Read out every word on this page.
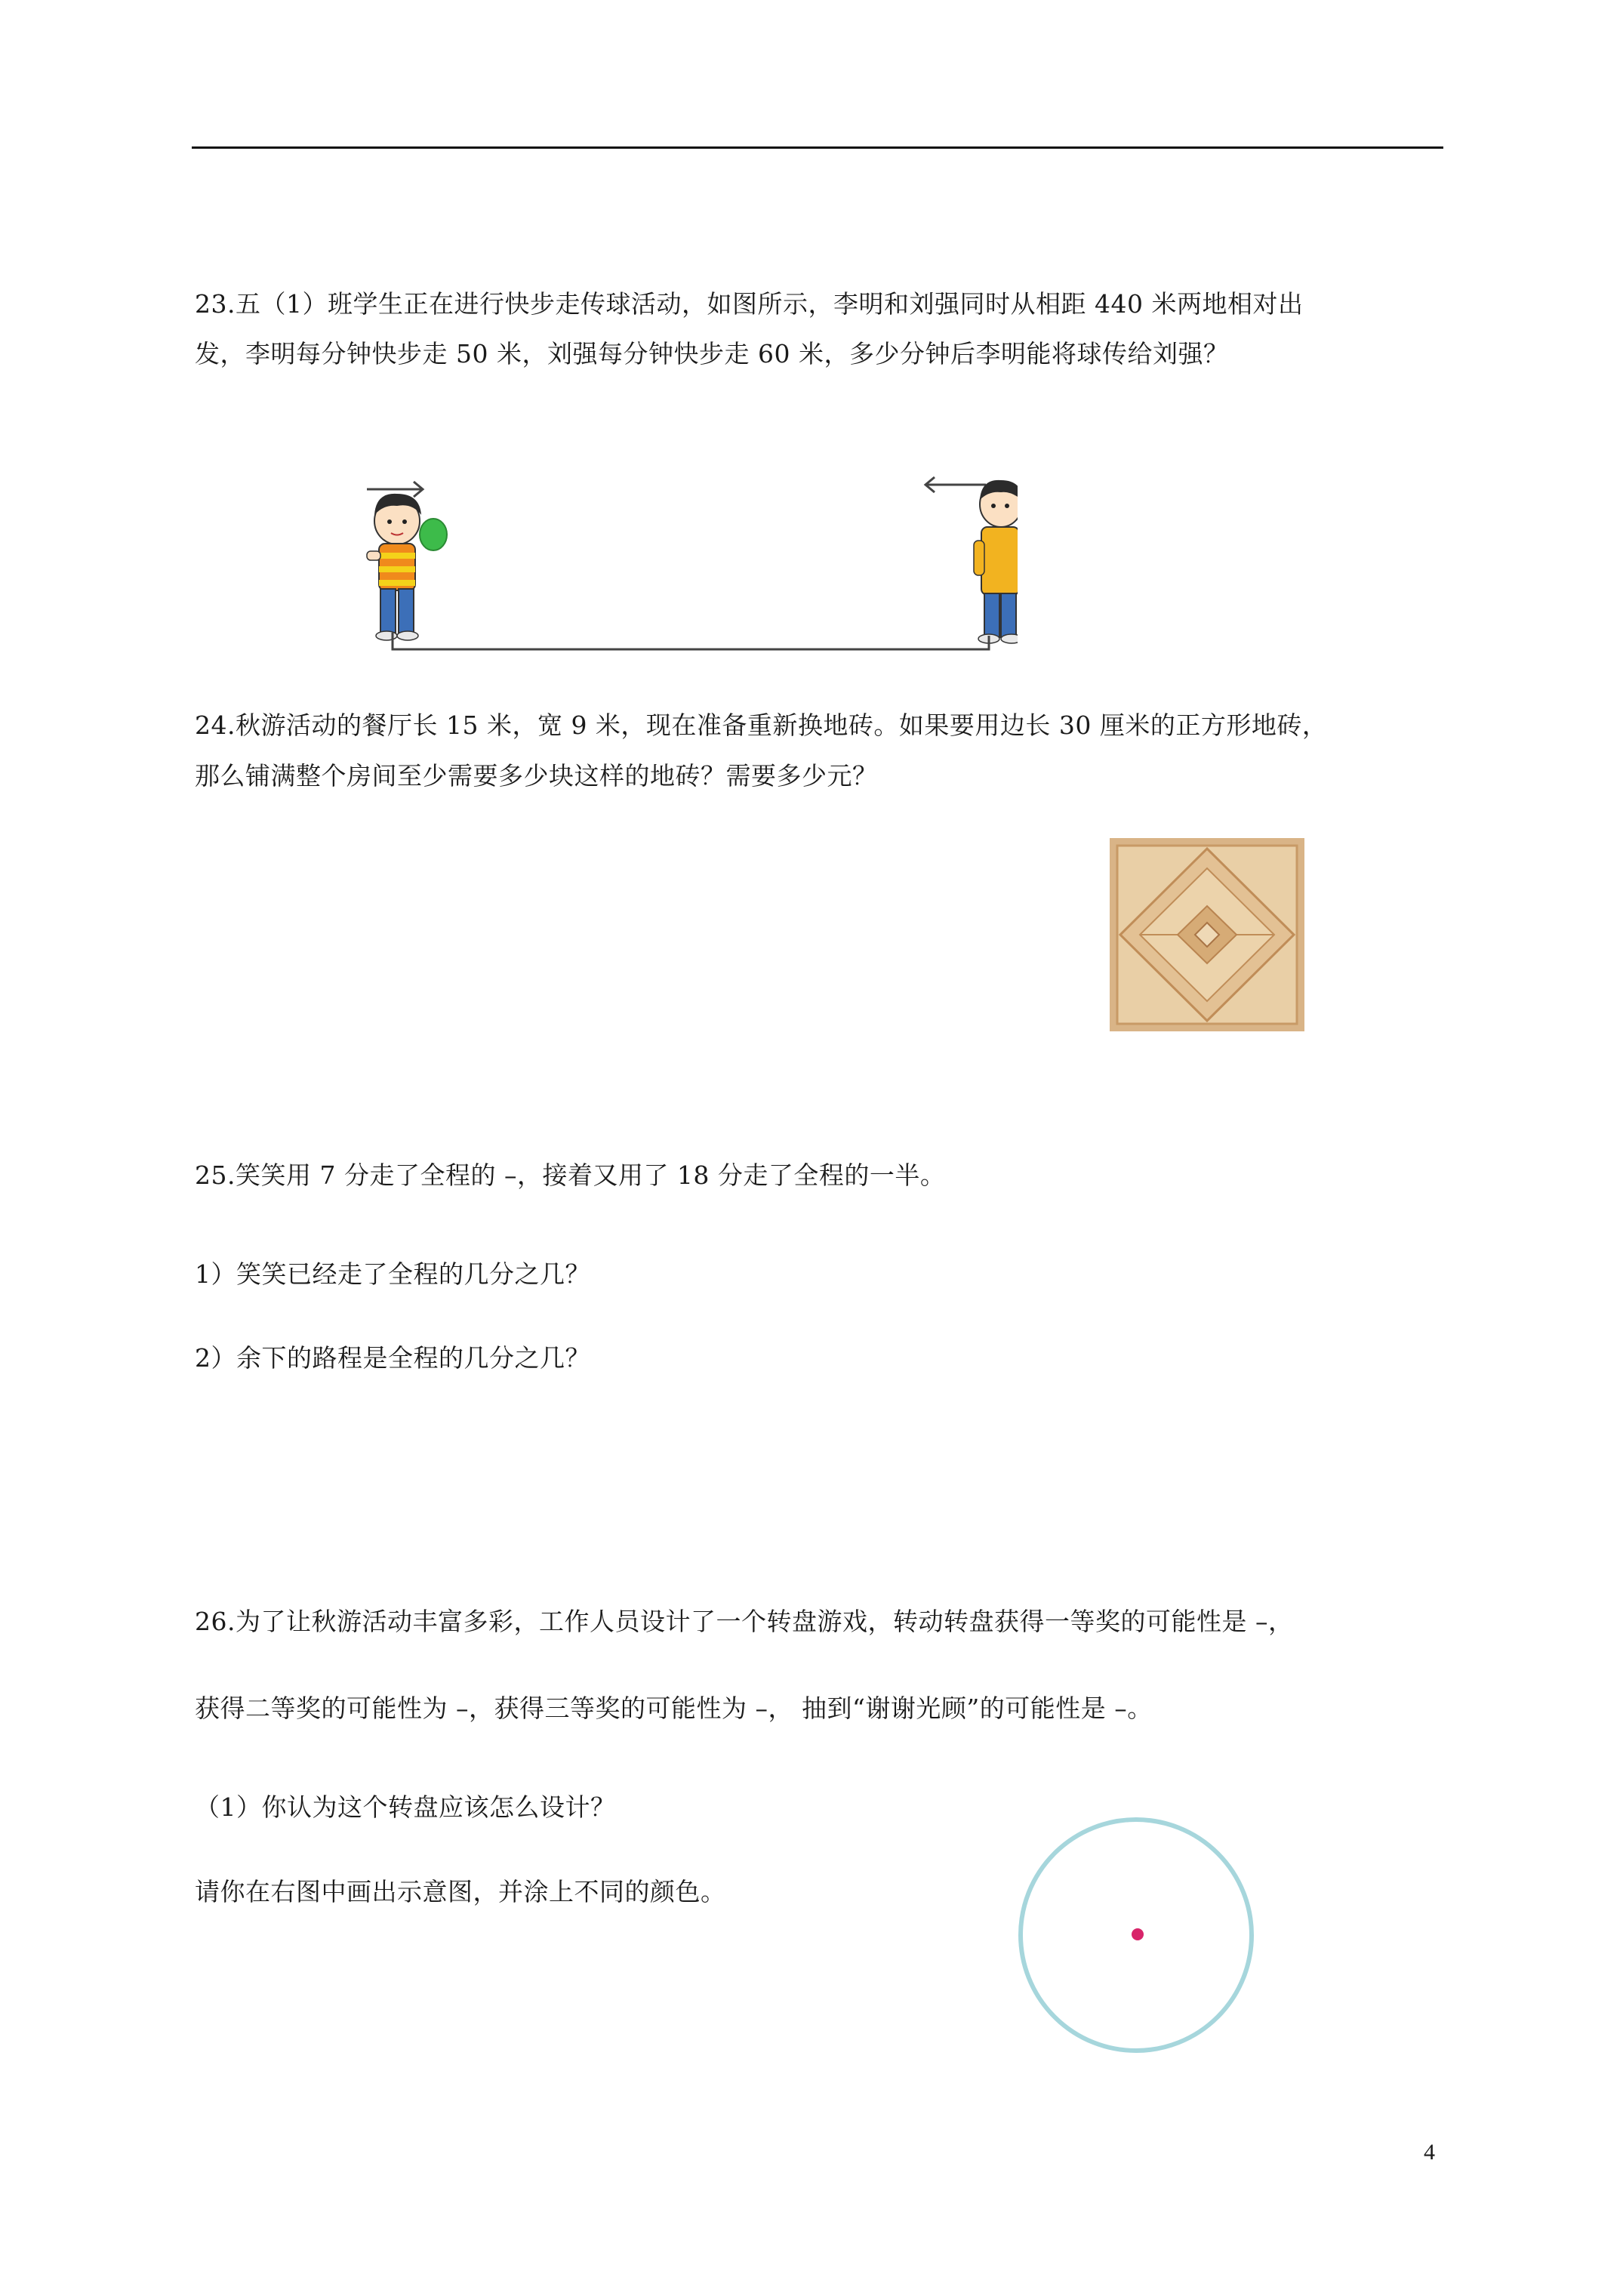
23.五（1）班学生正在进行快步走传球活动，如图所示，李明和刘强同时从相距 440 米两地相对出
发，李明每分钟快步走 50 米，刘强每分钟快步走 60 米，多少分钟后李明能将球传给刘强？
24.秋游活动的餐厅长 15 米，宽 9 米，现在准备重新换地砖。如果要用边长 30 厘米的正方形地砖，
那么铺满整个房间至少需要多少块这样的地砖？需要多少元？
25.笑笑用 7 分走了全程的 –，接着又用了 18 分走了全程的一半。
1）笑笑已经走了全程的几分之几？
2）余下的路程是全程的几分之几？
26.为了让秋游活动丰富多彩，工作人员设计了一个转盘游戏，转动转盘获得一等奖的可能性是 –，
获得二等奖的可能性为 –，获得三等奖的可能性为 –， 抽到“谢谢光顾”的可能性是 –。
（1）你认为这个转盘应该怎么设计？
请你在右图中画出示意图，并涂上不同的颜色。
4
